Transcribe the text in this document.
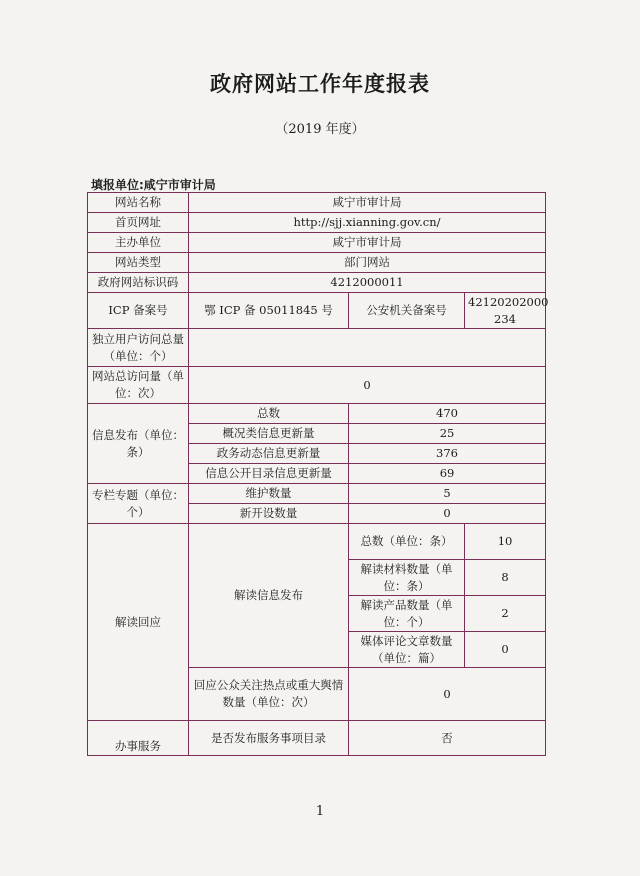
政府网站工作年度报表
（2019 年度）
填报单位:咸宁市审计局
网站名称	咸宁市审计局		
首页网址	http://sjj.xianning.gov.cn/		
主办单位	咸宁市审计局		
网站类型	部门网站		
政府网站标识码	4212000011		
ICP 备案号	鄂 ICP 备 05011845 号	公安机关备案号	42120202000 234
独立用户访问总量（单位：个）			
网站总访问量（单位：次）	0		
信息发布（单位：条）	总数	470	
	概况类信息更新量	25	
	政务动态信息更新量	376	
	信息公开目录信息更新量	69	
专栏专题（单位：个）	维护数量	5	
	新开设数量	0	
解读回应	解读信息发布	总数（单位：条）	10
		解读材料数量（单位：条）	8
		解读产品数量（单位：个）	2
		媒体评论文章数量（单位：篇）	0
	回应公众关注热点或重大舆情数量（单位：次）	0	
办事服务	是否发布服务事项目录	否	
1
